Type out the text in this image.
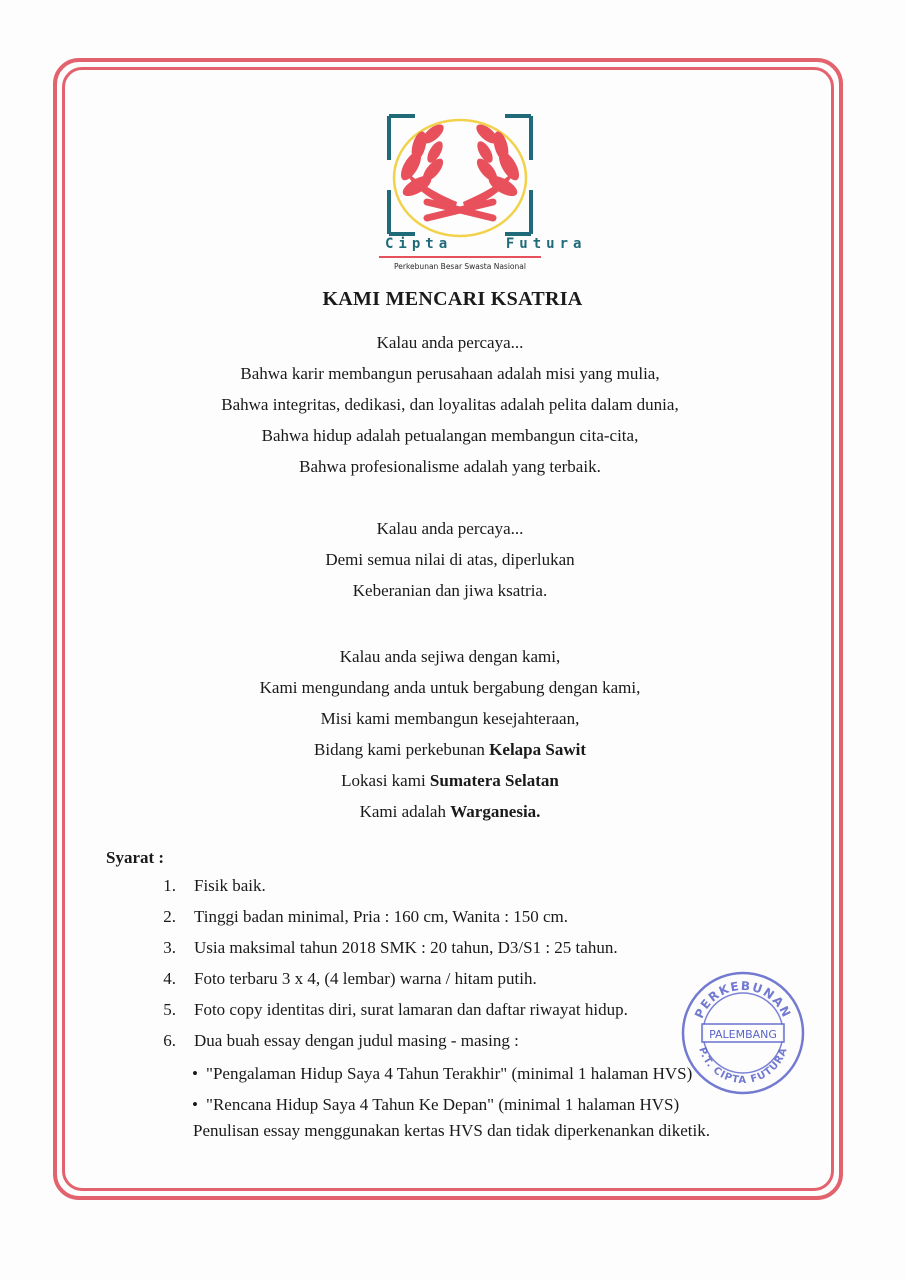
Cipta    Futura
Perkebunan Besar Swasta Nasional
KAMI MENCARI KSATRIA
Kalau anda percaya...
Bahwa karir membangun perusahaan adalah misi yang mulia,
Bahwa integritas, dedikasi, dan loyalitas adalah pelita dalam dunia,
Bahwa hidup adalah petualangan membangun cita-cita,
Bahwa profesionalisme adalah yang terbaik.
Kalau anda percaya...
Demi semua nilai di atas, diperlukan
Keberanian dan jiwa ksatria.
Kalau anda sejiwa dengan kami,
Kami mengundang anda untuk bergabung dengan kami,
Misi kami membangun kesejahteraan,
Bidang kami perkebunan Kelapa Sawit
Lokasi kami Sumatera Selatan
Kami adalah Warganesia.
Syarat :
1. Fisik baik.
2. Tinggi badan minimal, Pria : 160 cm, Wanita : 150 cm.
3. Usia maksimal tahun 2018 SMK : 20 tahun, D3/S1 : 25 tahun.
4. Foto terbaru 3 x 4, (4 lembar) warna / hitam putih.
5. Foto copy identitas diri, surat lamaran dan daftar riwayat hidup.
6. Dua buah essay dengan judul masing - masing :
• "Pengalaman Hidup Saya 4 Tahun Terakhir" (minimal 1 halaman HVS)
• "Rencana Hidup Saya 4 Tahun Ke Depan" (minimal 1 halaman HVS)
Penulisan essay menggunakan kertas HVS dan tidak diperkenankan diketik.
PERKEBUNAN
PALEMBANG
P.T. CIPTA FUTURA
